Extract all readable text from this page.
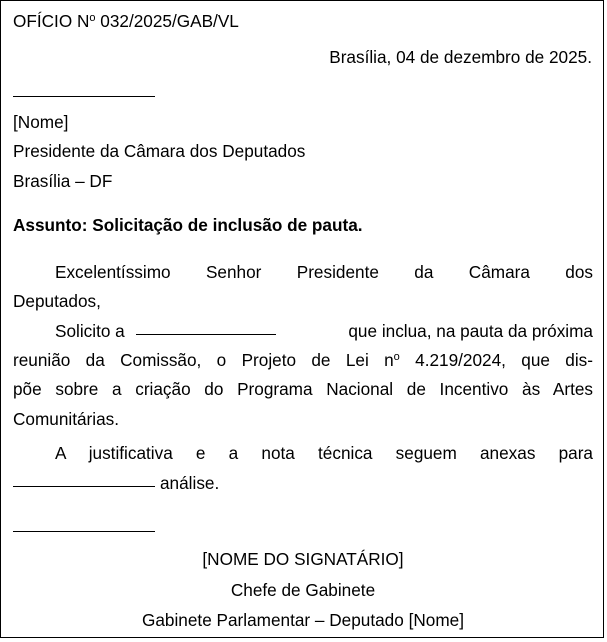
OFÍCIO $N^o$ 032/2025/GAB/VL
Brasília, 04 de dezembro de 2025.
[Nome]
Presidente da Câmara dos Deputados
Brasília – DF
Assunto: Solicitação de inclusão de pauta.
Excelentíssimo Senhor Presidente da Câmara dos
Deputados,
Solicito a	que inclua, na pauta da próxima
reunião da Comissão, o Projeto de Lei $n^o$ 4.219/2024, que dis-
põe sobre a criação do Programa Nacional de Incentivo às Artes
Comunitárias.
A justificativa e a nota técnica seguem anexas para
análise.
[NOME DO SIGNATÁRIO]
Chefe de Gabinete
Gabinete Parlamentar – Deputado [Nome]
